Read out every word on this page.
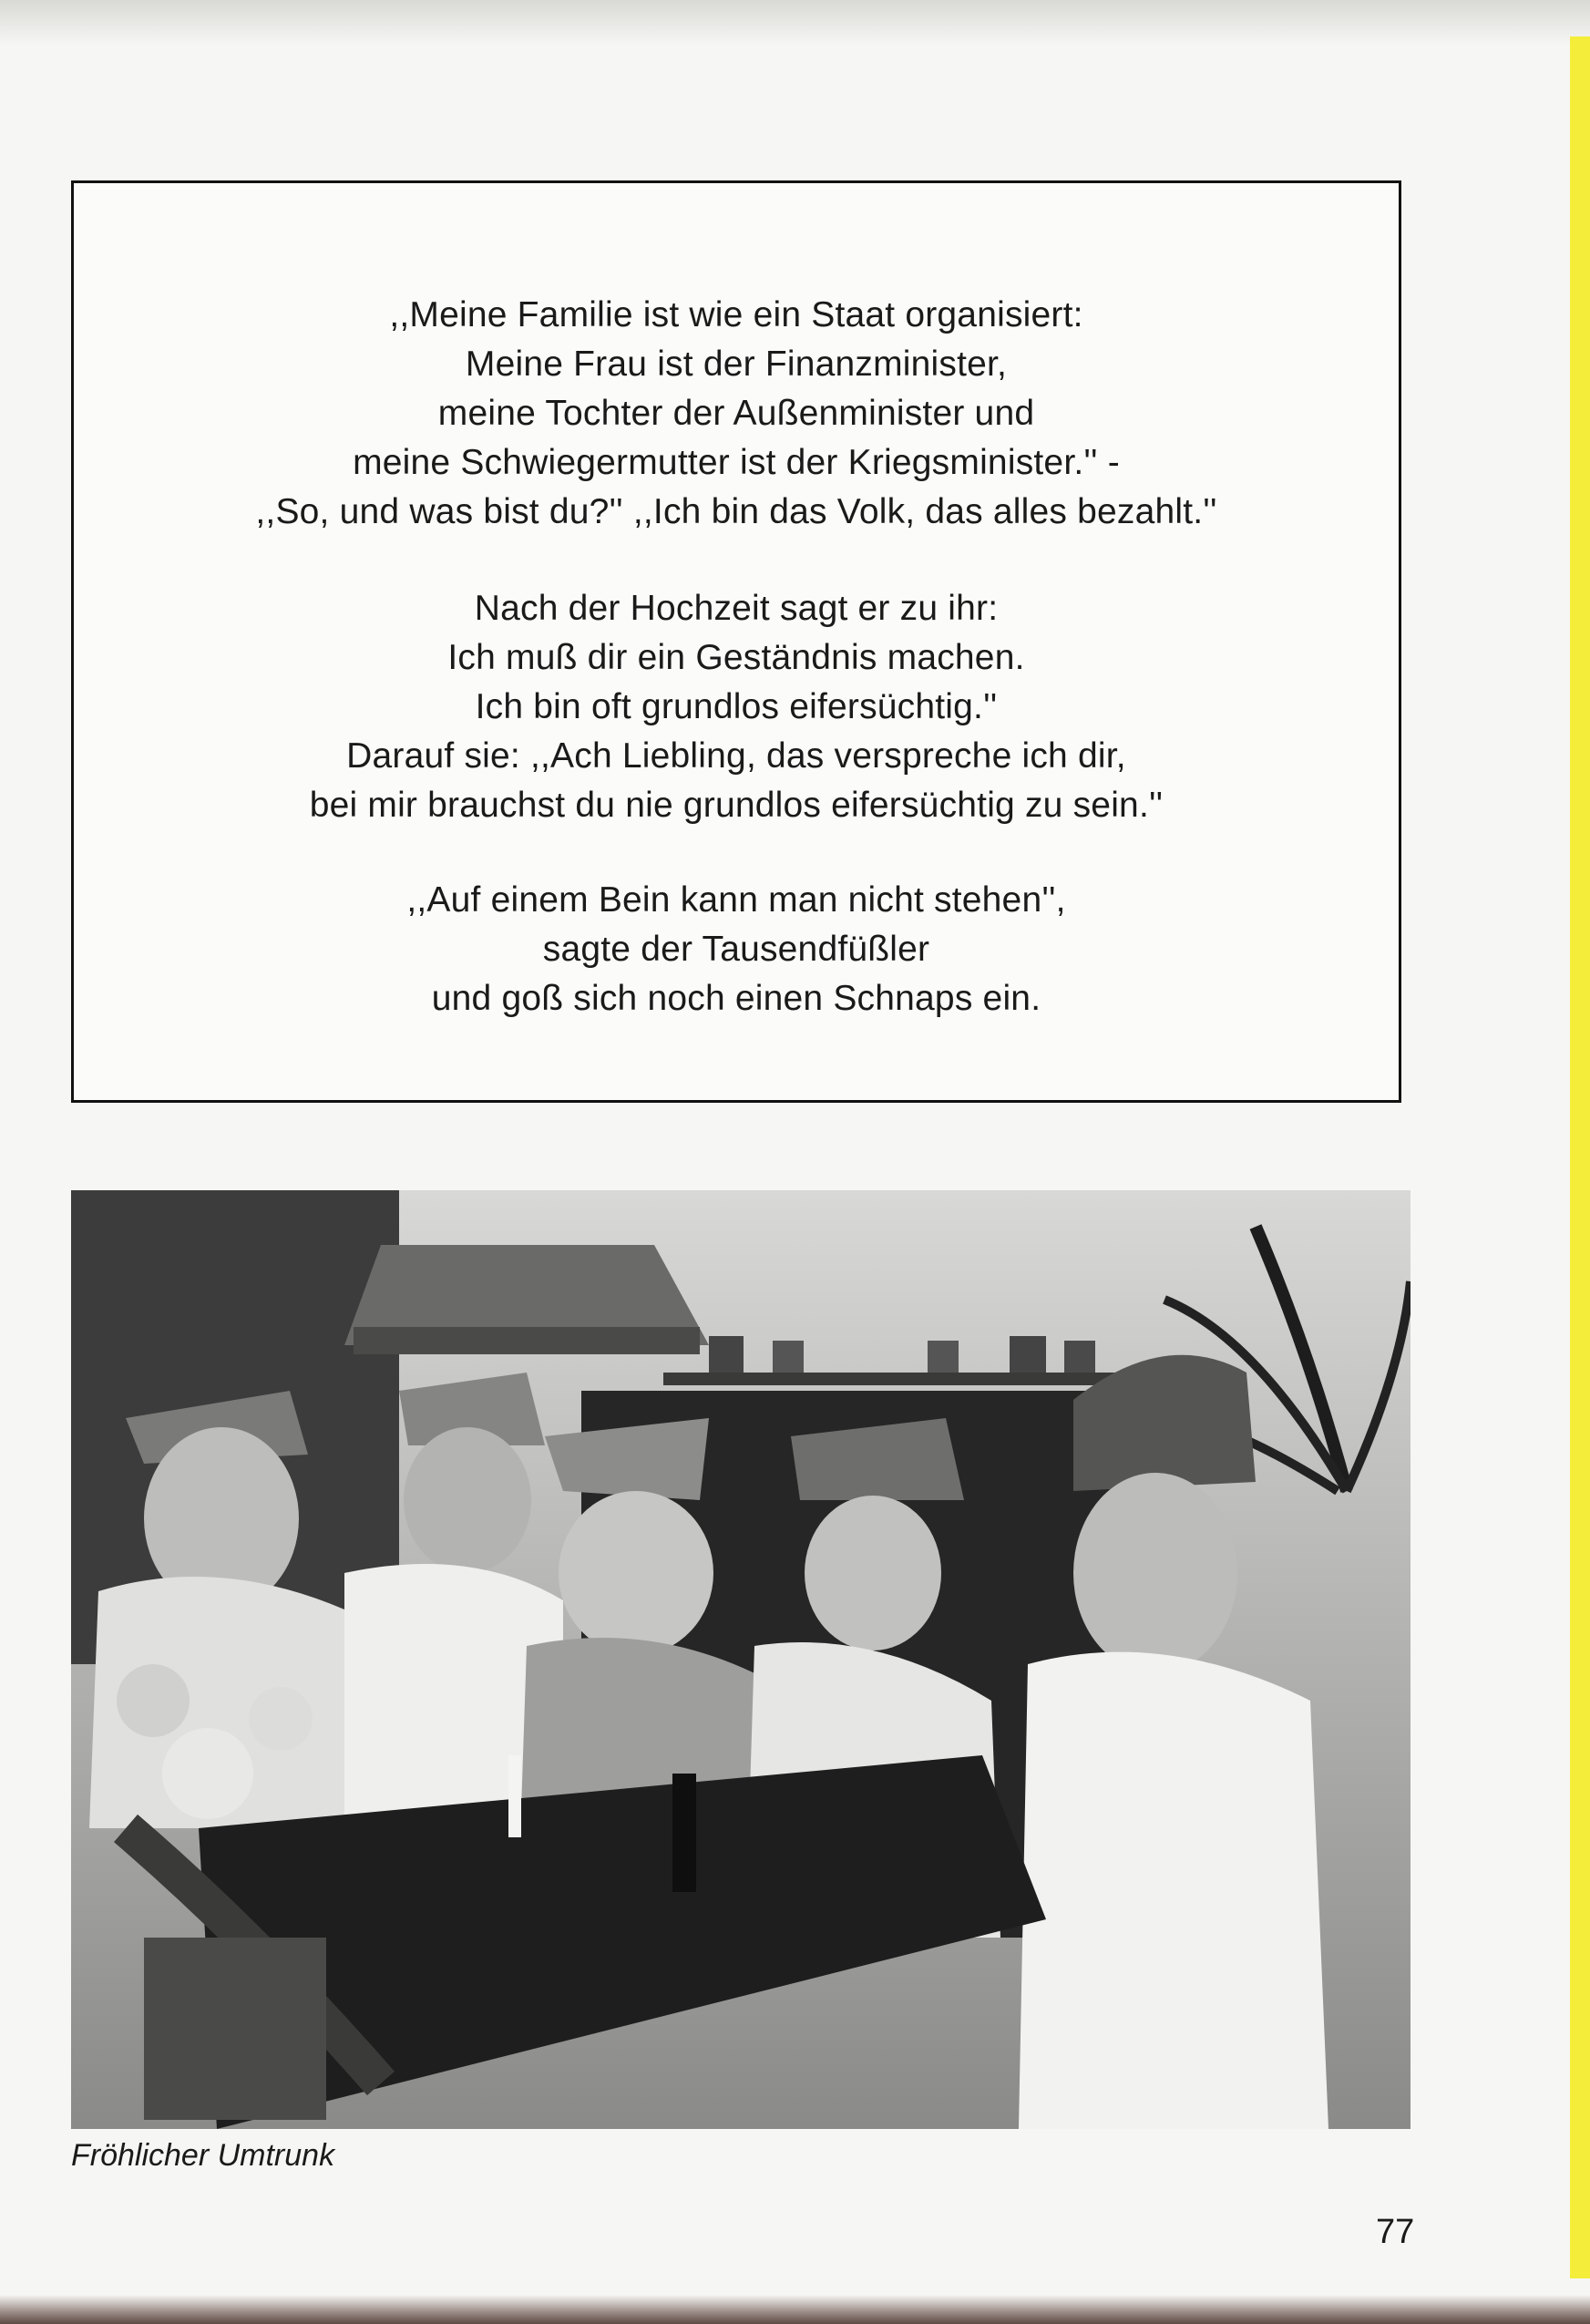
,,Meine Familie ist wie ein Staat organisiert:

Meine Frau ist der Finanzminister,

meine Tochter der Außenminister und

meine Schwiegermutter ist der Kriegsminister.'' -

,,So, und was bist du?'' ,,Ich bin das Volk, das alles bezahlt.''

Nach der Hochzeit sagt er zu ihr:

Ich muß dir ein Geständnis machen.

Ich bin oft grundlos eifersüchtig.''

Darauf sie: ,,Ach Liebling, das verspreche ich dir,

bei mir brauchst du nie grundlos eifersüchtig zu sein.''

,,Auf einem Bein kann man nicht stehen'',

sagte der Tausendfüßler

und goß sich noch einen Schnaps ein.

Fröhlicher Umtrunk
77
